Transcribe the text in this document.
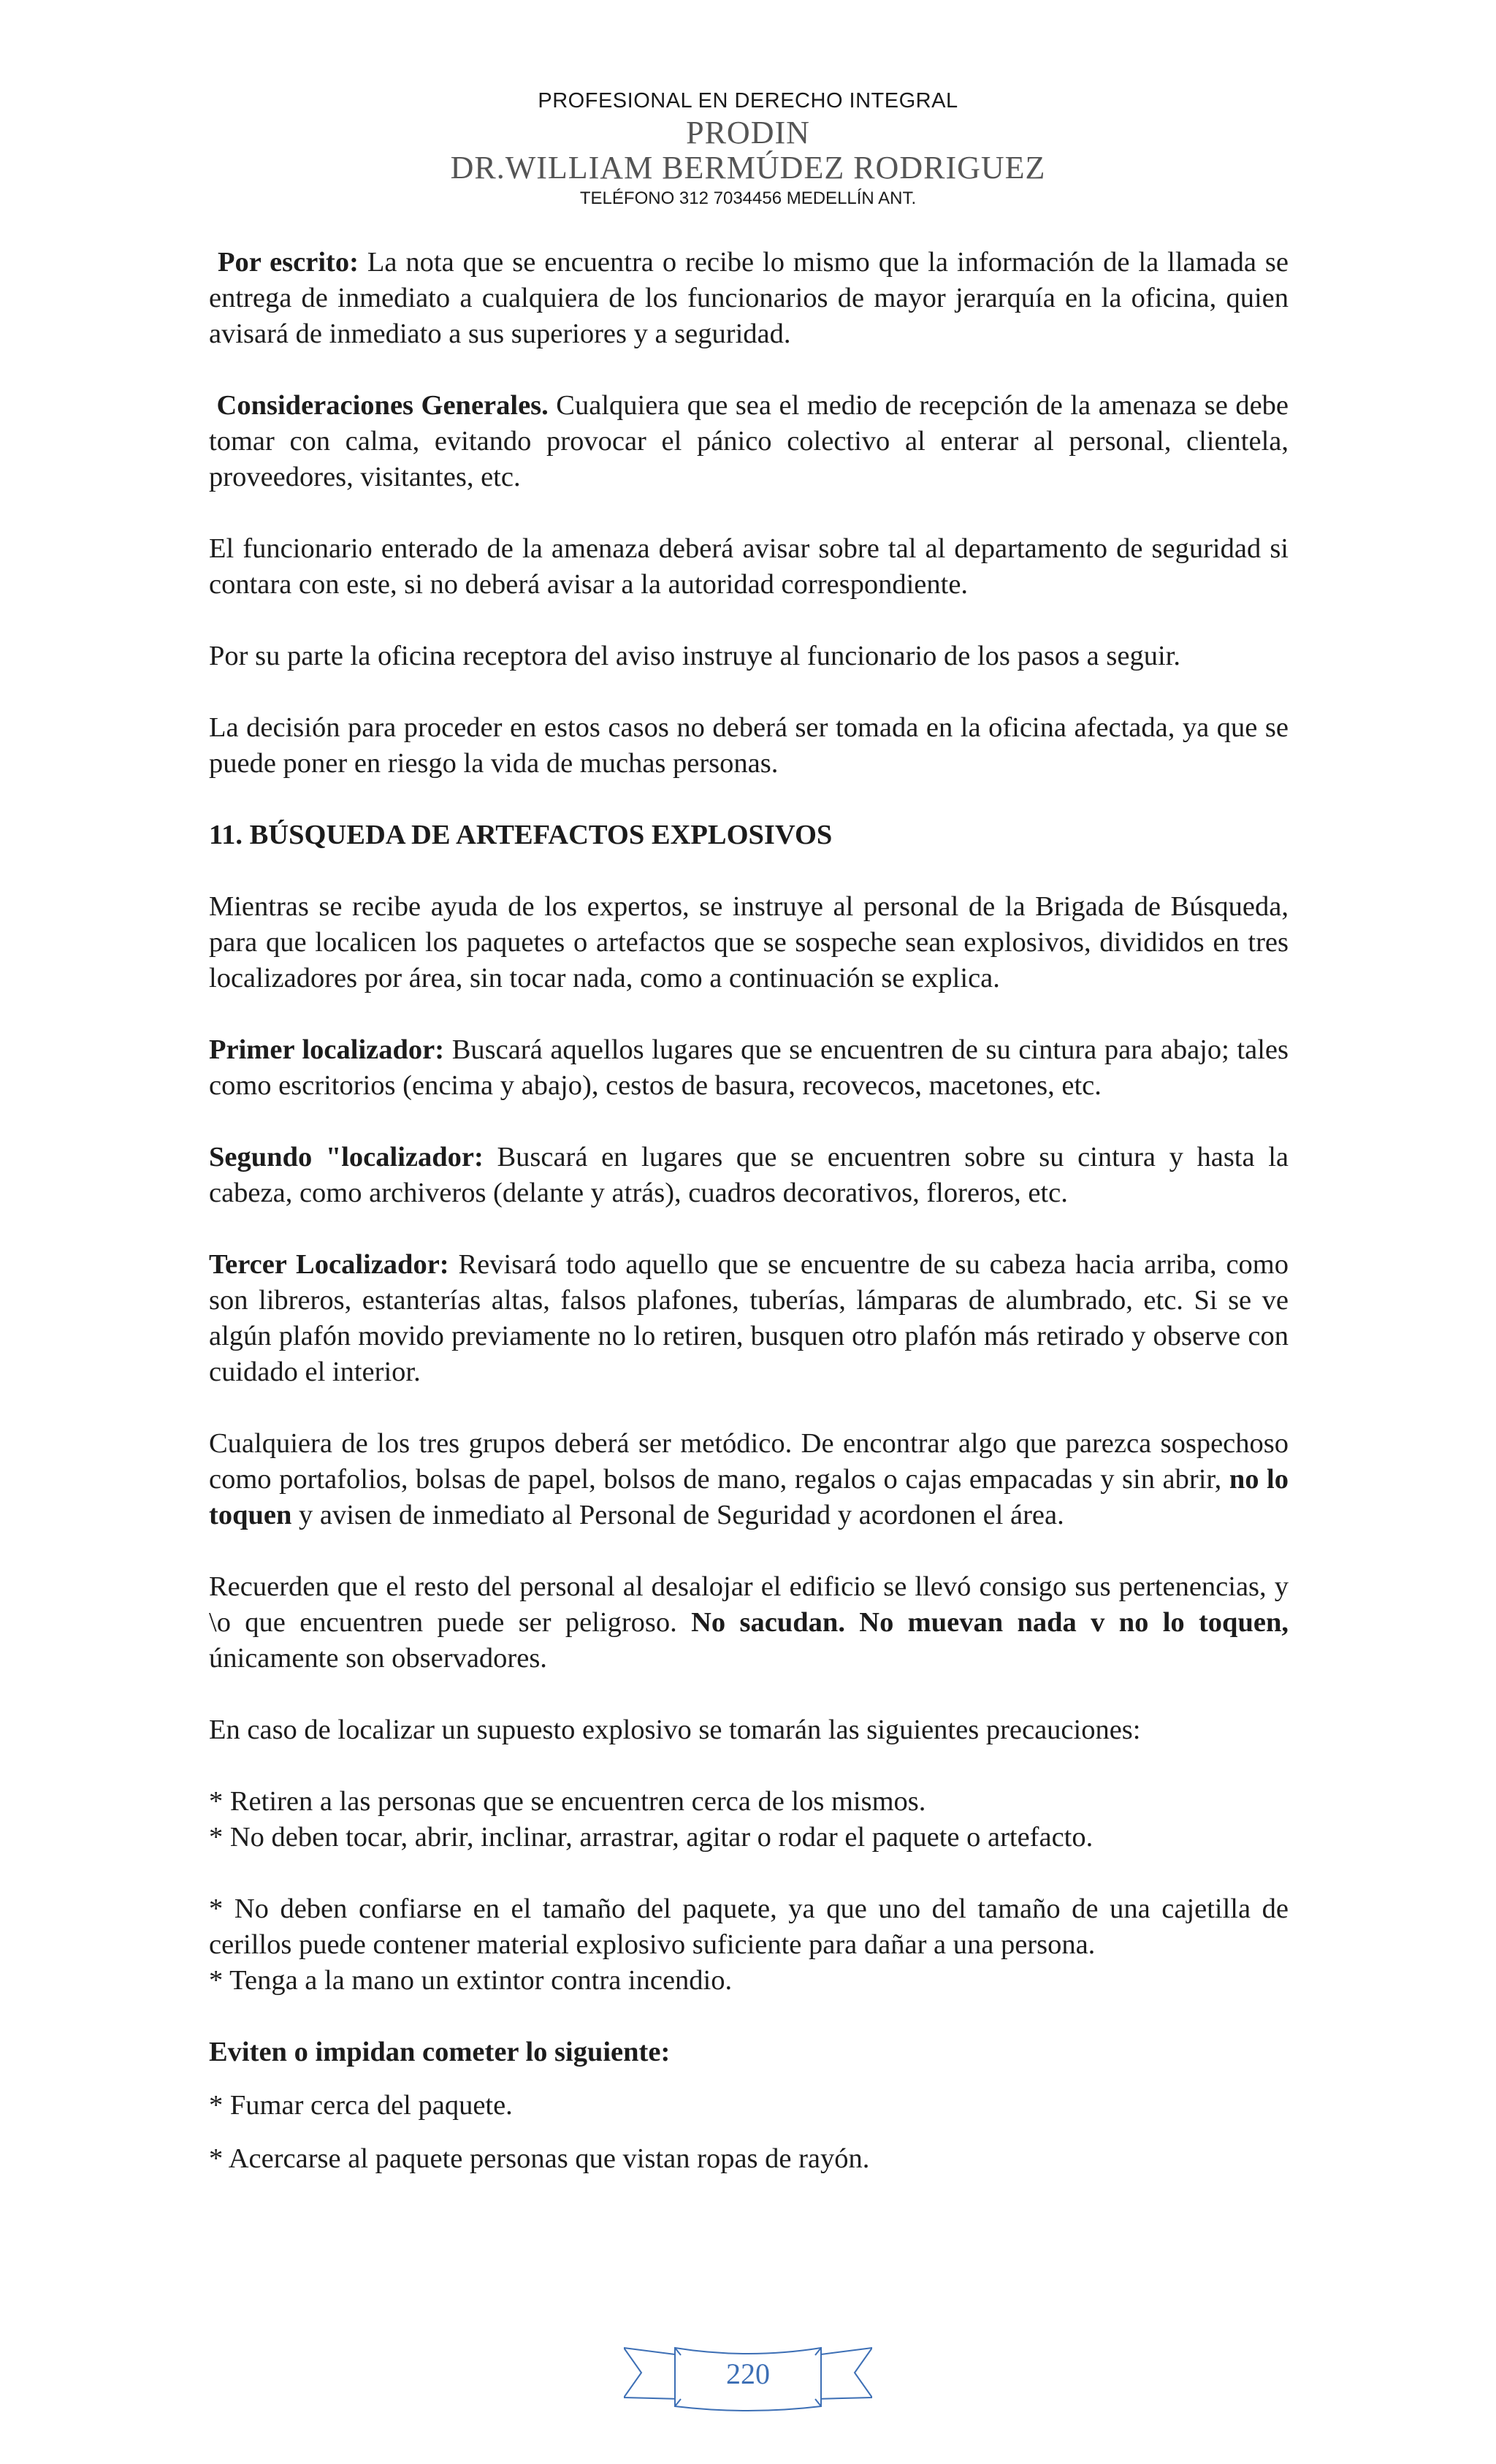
PROFESIONAL EN DERECHO INTEGRAL
PRODIN
DR.WILLIAM BERMÚDEZ RODRIGUEZ
TELÉFONO 312 7034456 MEDELLÍN ANT.

Por escrito: La nota que se encuentra o recibe lo mismo que la información de la llamada se entrega de inmediato a cualquiera de los funcionarios de mayor jerarquía en la oficina, quien avisará de inmediato a sus superiores y a seguridad.

Consideraciones Generales. Cualquiera que sea el medio de recepción de la amenaza se debe tomar con calma, evitando provocar el pánico colectivo al enterar al personal, clientela, proveedores, visitantes, etc.

El funcionario enterado de la amenaza deberá avisar sobre tal al departamento de seguridad si contara con este, si no deberá avisar a la autoridad correspondiente.

Por su parte la oficina receptora del aviso instruye al funcionario de los pasos a seguir.

La decisión para proceder en estos casos no deberá ser tomada en la oficina afectada, ya que se puede poner en riesgo la vida de muchas personas.

11. BÚSQUEDA DE ARTEFACTOS EXPLOSIVOS

Mientras se recibe ayuda de los expertos, se instruye al personal de la Brigada de Búsqueda, para que localicen los paquetes o artefactos que se sospeche sean explosivos, divididos en tres localizadores por área, sin tocar nada, como a continuación se explica.

Primer localizador: Buscará aquellos lugares que se encuentren de su cintura para abajo; tales como escritorios (encima y abajo), cestos de basura, recovecos, macetones, etc.

Segundo "localizador: Buscará en lugares que se encuentren sobre su cintura y hasta la cabeza, como archiveros (delante y atrás), cuadros decorativos, floreros, etc.

Tercer Localizador: Revisará todo aquello que se encuentre de su cabeza hacia arriba, como son libreros, estanterías altas, falsos plafones, tuberías, lámparas de alumbrado, etc. Si se ve algún plafón movido previamente no lo retiren, busquen otro plafón más retirado y observe con cuidado el interior.

Cualquiera de los tres grupos deberá ser metódico. De encontrar algo que parezca sospechoso como portafolios, bolsas de papel, bolsos de mano, regalos o cajas empacadas y sin abrir, no lo toquen y avisen de inmediato al Personal de Seguridad y acordonen el área.

Recuerden que el resto del personal al desalojar el edificio se llevó consigo sus pertenencias, y \o que encuentren puede ser peligroso. No sacudan. No muevan nada v no lo toquen, únicamente son observadores.

En caso de localizar un supuesto explosivo se tomarán las siguientes precauciones:

* Retiren a las personas que se encuentren cerca de los mismos.

* No deben tocar, abrir, inclinar, arrastrar, agitar o rodar el paquete o artefacto.

* No deben confiarse en el tamaño del paquete, ya que uno del tamaño de una cajetilla de cerillos puede contener material explosivo suficiente para dañar a una persona.

* Tenga a la mano un extintor contra incendio.

Eviten o impidan cometer lo siguiente:

* Fumar cerca del paquete.

* Acercarse al paquete personas que vistan ropas de rayón.

220
